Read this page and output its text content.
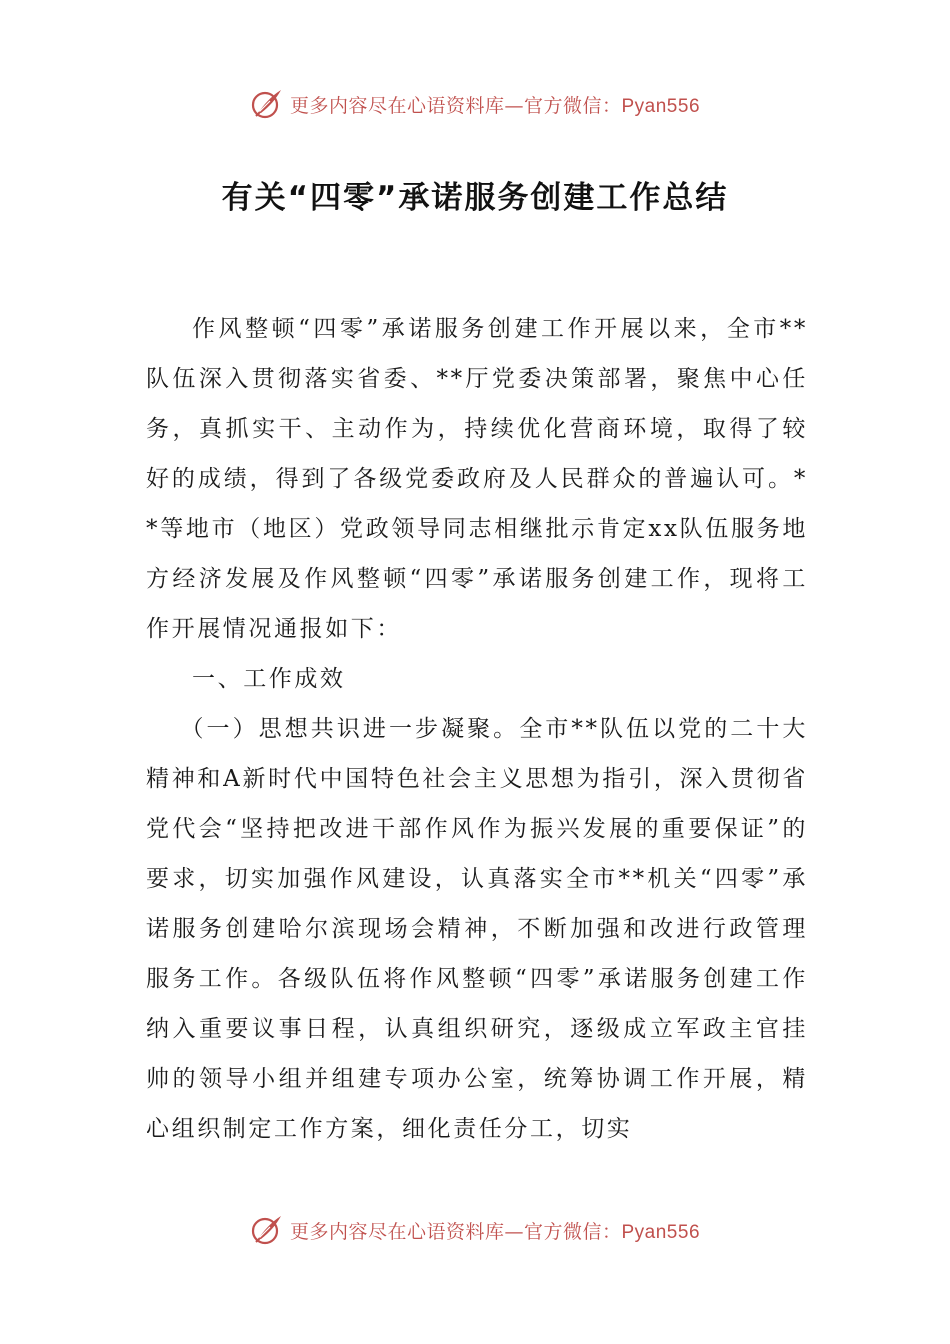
更多内容尽在心语资料库—官方微信：Pyan556
有关“四零”承诺服务创建工作总结

作风整顿“四零”承诺服务创建工作开展以来，全市**队伍深入贯彻落实省委、**厅党委决策部署，聚焦中心任务，真抓实干、主动作为，持续优化营商环境，取得了较好的成绩，得到了各级党委政府及人民群众的普遍认可。**等地市（地区）党政领导同志相继批示肯定xx队伍服务地方经济发展及作风整顿“四零”承诺服务创建工作，现将工作开展情况通报如下：

一、工作成效

（一）思想共识进一步凝聚。全市**队伍以党的二十大精神和A新时代中国特色社会主义思想为指引，深入贯彻省党代会“坚持把改进干部作风作为振兴发展的重要保证”的要求，切实加强作风建设，认真落实全市**机关“四零”承诺服务创建哈尔滨现场会精神，不断加强和改进行政管理服务工作。各级队伍将作风整顿“四零”承诺服务创建工作纳入重要议事日程，认真组织研究，逐级成立军政主官挂帅的领导小组并组建专项办公室，统筹协调工作开展，精心组织制定工作方案，细化责任分工，切实

更多内容尽在心语资料库—官方微信：Pyan556
